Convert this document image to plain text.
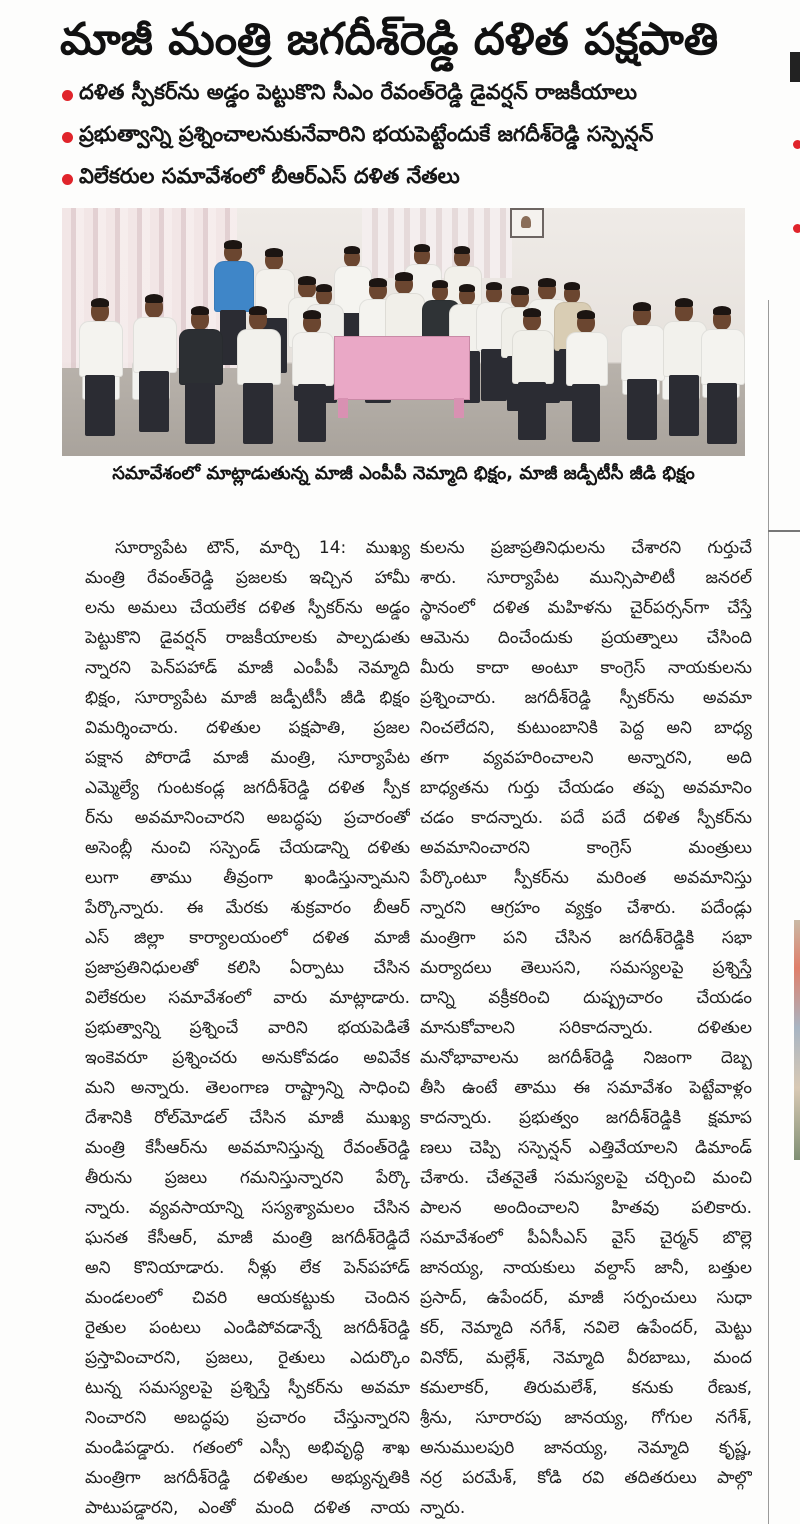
మాజీ మంత్రి జగదీశ్‌రెడ్డి దళిత పక్షపాతి
దళిత స్పీకర్‌ను అడ్డం పెట్టుకొని సీఎం రేవంత్‌రెడ్డి డైవర్షన్ రాజకీయాలు
ప్రభుత్వాన్ని ప్రశ్నించాలనుకునేవారిని భయపెట్టేందుకే జగదీశ్‌రెడ్డి సస్పెన్షన్
విలేకరుల సమావేశంలో బీఆర్ఎస్ దళిత నేతలు
సమావేశంలో మాట్లాడుతున్న మాజీ ఎంపీపీ నెమ్మాది భిక్షం, మాజీ జడ్పీటీసీ జీడి భిక్షం
సూర్యాపేట టౌన్‌, మార్చి 14: ముఖ్య
మంత్రి రేవంత్‌రెడ్డి ప్రజలకు ఇచ్చిన హామీ
లను అమలు చేయలేక దళిత స్పీకర్‌ను అడ్డం
పెట్టుకొని డైవర్షన్ రాజకీయాలకు పాల్పడుతు
న్నారని పెన్‌పహాడ్ మాజీ ఎంపీపీ నెమ్మాది
భిక్షం, సూర్యాపేట మాజీ జడ్పీటీసీ జీడి భిక్షం
విమర్శించారు. దళితుల పక్షపాతి, ప్రజల
పక్షాన పోరాడే మాజీ మంత్రి, సూర్యాపేట
ఎమ్మెల్యే గుంటకండ్ల జగదీశ్‌రెడ్డి దళిత స్పీక
ర్‌ను అవమానించారని అబద్ధపు ప్రచారంతో
అసెంబ్లీ నుంచి సస్పెండ్ చేయడాన్ని దళితు
లుగా తాము తీవ్రంగా ఖండిస్తున్నామని
పేర్కొన్నారు. ఈ మేరకు శుక్రవారం బీఆర్
ఎస్ జిల్లా కార్యాలయంలో దళిత మాజీ
ప్రజాప్రతినిధులతో కలిసి ఏర్పాటు చేసిన
విలేకరుల సమావేశంలో వారు మాట్లాడారు.
ప్రభుత్వాన్ని ప్రశ్నించే వారిని భయపెడితే
ఇంకెవరూ ప్రశ్నించరు అనుకోవడం అవివేక
మని అన్నారు. తెలంగాణ రాష్ట్రాన్ని సాధించి
దేశానికి రోల్‌మోడల్ చేసిన మాజీ ముఖ్య
మంత్రి కేసీఆర్‌ను అవమానిస్తున్న రేవంత్‌రెడ్డి
తీరును ప్రజలు గమనిస్తున్నారని పేర్కొ
న్నారు. వ్యవసాయాన్ని సస్యశ్యామలం చేసిన
ఘనత కేసీఆర్, మాజీ మంత్రి జగదీశ్‌రెడ్డిదే
అని కొనియాడారు. నీళ్లు లేక పెన్‌పహాడ్
మండలంలో చివరి ఆయకట్టుకు చెందిన
రైతుల పంటలు ఎండిపోవడాన్నే జగదీశ్‌రెడ్డి
ప్రస్తావించారని, ప్రజలు, రైతులు ఎదుర్కొం
టున్న సమస్యలపై ప్రశ్నిస్తే స్పీకర్‌ను అవమా
నించారని అబద్ధపు ప్రచారం చేస్తున్నారని
మండిపడ్డారు. గతంలో ఎస్సీ అభివృద్ధి శాఖ
మంత్రిగా జగదీశ్‌రెడ్డి దళితుల అభ్యున్నతికి
పాటుపడ్డారని, ఎంతో మంది దళిత నాయ
కులను ప్రజాప్రతినిధులను చేశారని గుర్తుచే
శారు. సూర్యాపేట మున్సిపాలిటీ జనరల్
స్థానంలో దళిత మహిళను చైర్‌పర్సన్‌గా చేస్తే
ఆమెను దించేందుకు ప్రయత్నాలు చేసింది
మీరు కాదా అంటూ కాంగ్రెస్ నాయకులను
ప్రశ్నించారు. జగదీశ్‌రెడ్డి స్పీకర్‌ను అవమా
నించలేదని, కుటుంబానికి పెద్ద అని బాధ్య
తగా వ్యవహరించాలని అన్నారని, అది
బాధ్యతను గుర్తు చేయడం తప్ప అవమానిం
చడం కాదన్నారు. పదే పదే దళిత స్పీకర్‌ను
అవమానించారని కాంగ్రెస్ మంత్రులు
పేర్కొంటూ స్పీకర్‌ను మరింత అవమానిస్తు
న్నారని ఆగ్రహం వ్యక్తం చేశారు. పదేండ్లు
మంత్రిగా పని చేసిన జగదీశ్‌రెడ్డికి సభా
మర్యాదలు తెలుసని, సమస్యలపై ప్రశ్నిస్తే
దాన్ని వక్రీకరించి దుష్ప్రచారం చేయడం
మానుకోవాలని సరికాదన్నారు. దళితుల
మనోభావాలను జగదీశ్‌రెడ్డి నిజంగా దెబ్బ
తీసి ఉంటే తాము ఈ సమావేశం పెట్టేవాళ్లం
కాదన్నారు. ప్రభుత్వం జగదీశ్‌రెడ్డికి క్షమాప
ణలు చెప్పి సస్పెన్షన్ ఎత్తివేయాలని డిమాండ్
చేశారు. చేతనైతే సమస్యలపై చర్చించి మంచి
పాలన అందించాలని హితవు పలికారు.
సమావేశంలో పీఏసీఎస్ వైస్ చైర్మన్ బొల్లె
జానయ్య, నాయకులు వల్దాస్ జానీ, బత్తుల
ప్రసాద్, ఉపేందర్, మాజీ సర్పంచులు సుధా
కర్, నెమ్మాది నగేశ్, నవిలె ఉపేందర్, మెట్టు
వినోద్, మల్లేశ్, నెమ్మాది వీరబాబు, మంద
కమలాకర్, తిరుమలేశ్, కనుకు రేణుక,
శ్రీను, సూరారపు జానయ్య, గోగుల నగేశ్,
అనుములపురి జానయ్య, నెమ్మాది కృష్ణ,
నర్ర పరమేశ్, కోడి రవి తదితరులు పాల్గొ
న్నారు.
